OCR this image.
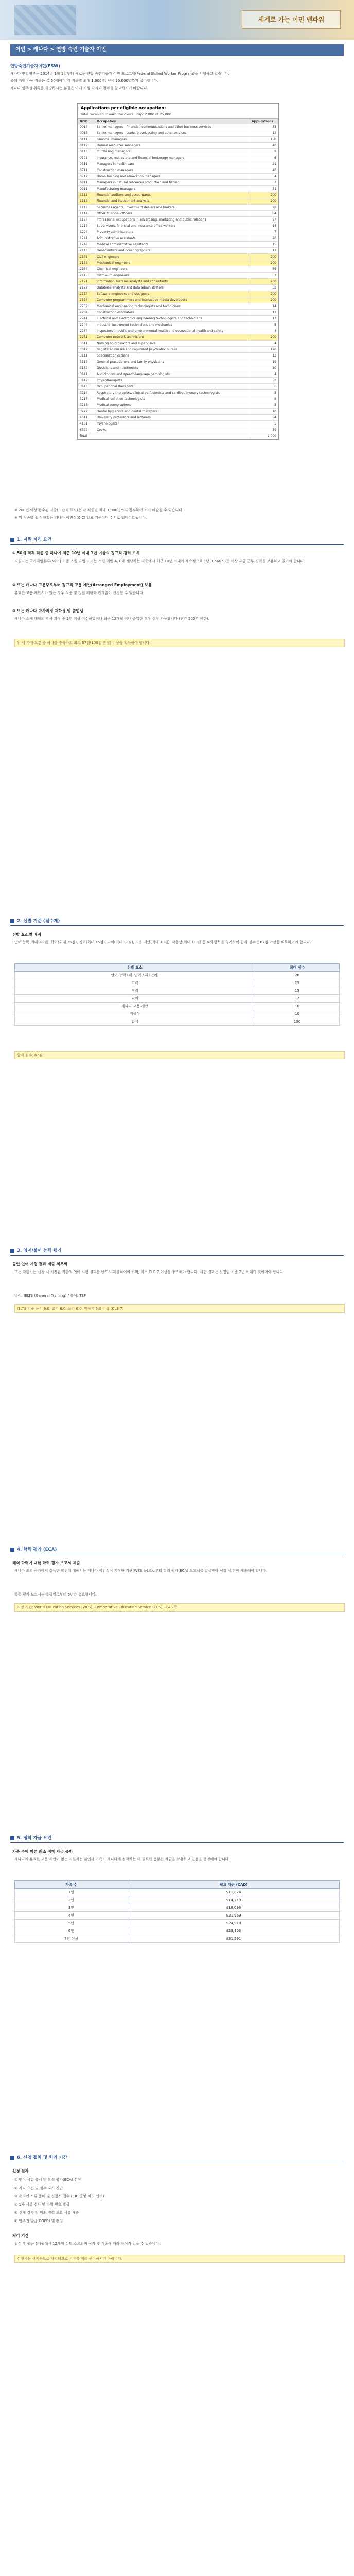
세계로 가는 이민 맨파워
이민 > 캐나다 > 연방 숙련 기술자 이민
연방숙련기술자이민(FSW)

캐나다 연방정부는 2014년 1월 1일부터 새로운 연방 숙련기술자 이민 프로그램(Federal Skilled Worker Program)을 시행하고 있습니다.

올해 지원 가능 직종은 총 50개이며 각 직종별 최대 1,000명, 전체 25,000명까지 접수합니다.

캐나다 영주권 취득을 희망하시는 분들은 아래 지원 자격과 절차를 참고하시기 바랍니다.

Applications per eligible occupation:
total received toward the overall cap: 2,000 of 25,000
NOC	Occupation	Applications
0013	Senior managers – financial, communications and other business services	35
0015	Senior managers – trade, broadcasting and other services	12
0111	Financial managers	168
0112	Human resources managers	40
0113	Purchasing managers	9
0121	Insurance, real estate and financial brokerage managers	6
0311	Managers in health care	21
0711	Construction managers	40
0712	Home building and renovation managers	4
0811	Managers in natural resources production and fishing	2
0911	Manufacturing managers	31
1111	Financial auditors and accountants	200
1112	Financial and investment analysts	200
1113	Securities agents, investment dealers and brokers	28
1114	Other financial officers	64
1123	Professional occupations in advertising, marketing and public relations	97
1212	Supervisors, financial and insurance office workers	14
1224	Property administrators	7
1241	Administrative assistants	20
1243	Medical administrative assistants	15
2113	Geoscientists and oceanographers	11
2131	Civil engineers	200
2132	Mechanical engineers	200
2134	Chemical engineers	39
2145	Petroleum engineers	7
2171	Information systems analysts and consultants	200
2172	Database analysts and data administrators	32
2173	Software engineers and designers	200
2174	Computer programmers and interactive media developers	200
2232	Mechanical engineering technologists and technicians	14
2234	Construction estimators	12
2241	Electrical and electronics engineering technologists and technicians	17
2243	Industrial instrument technicians and mechanics	5
2263	Inspectors in public and environmental health and occupational health and safety	4
2281	Computer network technicians	200
3011	Nursing co-ordinators and supervisors	4
3012	Registered nurses and registered psychiatric nurses	120
3111	Specialist physicians	13
3112	General practitioners and family physicians	19
3132	Dieticians and nutritionists	10
3141	Audiologists and speech-language pathologists	4
3142	Physiotherapists	52
3143	Occupational therapists	6
3214	Respiratory therapists, clinical perfusionists and cardiopulmonary technologists	3
3215	Medical radiation technologists	8
3216	Medical sonographers	3
3222	Dental hygienists and dental therapists	10
4011	University professors and lecturers	64
4151	Psychologists	5
6322	Cooks	59
Total		2,000
※ 200건 이상 접수된 직종(노란색 표시)은 각 직종별 최대 1,000명까지 접수하며 조기 마감될 수 있습니다.
※ 위 직종별 접수 현황은 캐나다 이민성(CIC) 발표 기준이며 수시로 업데이트됩니다.
1. 지원 자격 요건
① 50개 적격 직종 중 하나에 최근 10년 이내 1년 이상의 정규직 경력 보유
지원자는 국가직업분류(NOC) 기준 스킬 타입 0 또는 스킬 레벨 A, B에 해당하는 직종에서 최근 10년 이내에 계속적으로 1년(1,560시간) 이상 유급 근무 경력을 보유하고 있어야 합니다.
② 또는 캐나다 고용주로부터 정규직 고용 제안(Arranged Employment) 보유
유효한 고용 제안서가 있는 경우 직종 및 정원 제한과 관계없이 신청할 수 있습니다.
③ 또는 캐나다 박사과정 재학생 및 졸업생
캐나다 소재 대학의 박사 과정 중 2년 이상 이수하였거나 최근 12개월 이내 졸업한 경우 신청 가능합니다 (연간 500명 제한).
위 세 가지 요건 중 하나를 충족하고 최소 67점(100점 만점) 이상을 획득해야 합니다.
2. 선발 기준 (점수제)
선발 요소별 배점
언어 능력(최대 28점), 학력(최대 25점), 경력(최대 15점), 나이(최대 12점), 고용 제안(최대 10점), 적응성(최대 10점) 등 6개 항목을 평가하여 합격 점수인 67점 이상을 획득하여야 합니다.
선발 요소	최대 점수
언어 능력 (제1언어 / 제2언어)	28
학력	25
경력	15
나이	12
캐나다 고용 제안	10
적응성	10
합계	100
합격 점수: 67점
3. 영어/불어 능력 평가
공인 언어 시험 결과 제출 의무화
모든 지원자는 신청 시 지정된 기관의 언어 시험 결과를 반드시 제출하여야 하며, 최소 CLB 7 이상을 충족해야 합니다. 시험 결과는 신청일 기준 2년 이내의 것이어야 합니다.
영어: IELTS (General Training) / 불어: TEF
IELTS 기준 듣기 6.0, 읽기 6.0, 쓰기 6.0, 말하기 6.0 이상 (CLB 7)
4. 학력 평가 (ECA)
해외 학력에 대한 학력 평가 보고서 제출
캐나다 외의 국가에서 취득한 학위에 대해서는 캐나다 이민성이 지정한 기관(WES 등)으로부터 학력 평가(ECA) 보고서를 발급받아 신청 시 함께 제출해야 합니다.
학력 평가 보고서는 발급일로부터 5년간 유효합니다.
지정 기관: World Education Services (WES), Comparative Education Service (CES), ICAS 등
5. 정착 자금 요건
가족 수에 따른 최소 정착 자금 증빙
캐나다에 유효한 고용 제안이 없는 지원자는 본인과 가족이 캐나다에 정착하는 데 필요한 충분한 자금을 보유하고 있음을 증명해야 합니다.
가족 수	필요 자금 (CAD)
1인	$11,824
2인	$14,719
3인	$18,096
4인	$21,969
5인	$24,918
6인	$28,103
7인 이상	$31,291
6. 신청 절차 및 처리 기간
신청 절차
① 언어 시험 응시 및 학력 평가(ECA) 신청
② 자격 요건 및 점수 자가 진단
③ 온라인 서류 준비 및 신청서 접수 (CIC 중앙 처리 센터)
④ 1차 서류 심사 및 파일 번호 발급
⑤ 신체 검사 및 범죄 경력 조회 서류 제출
⑥ 영주권 발급(COPR) 및 랜딩
처리 기간
접수 후 평균 6개월에서 12개월 정도 소요되며 국가 및 직종에 따라 차이가 있을 수 있습니다.
신청서는 선착순으로 처리되므로 서류를 미리 준비하시기 바랍니다.
